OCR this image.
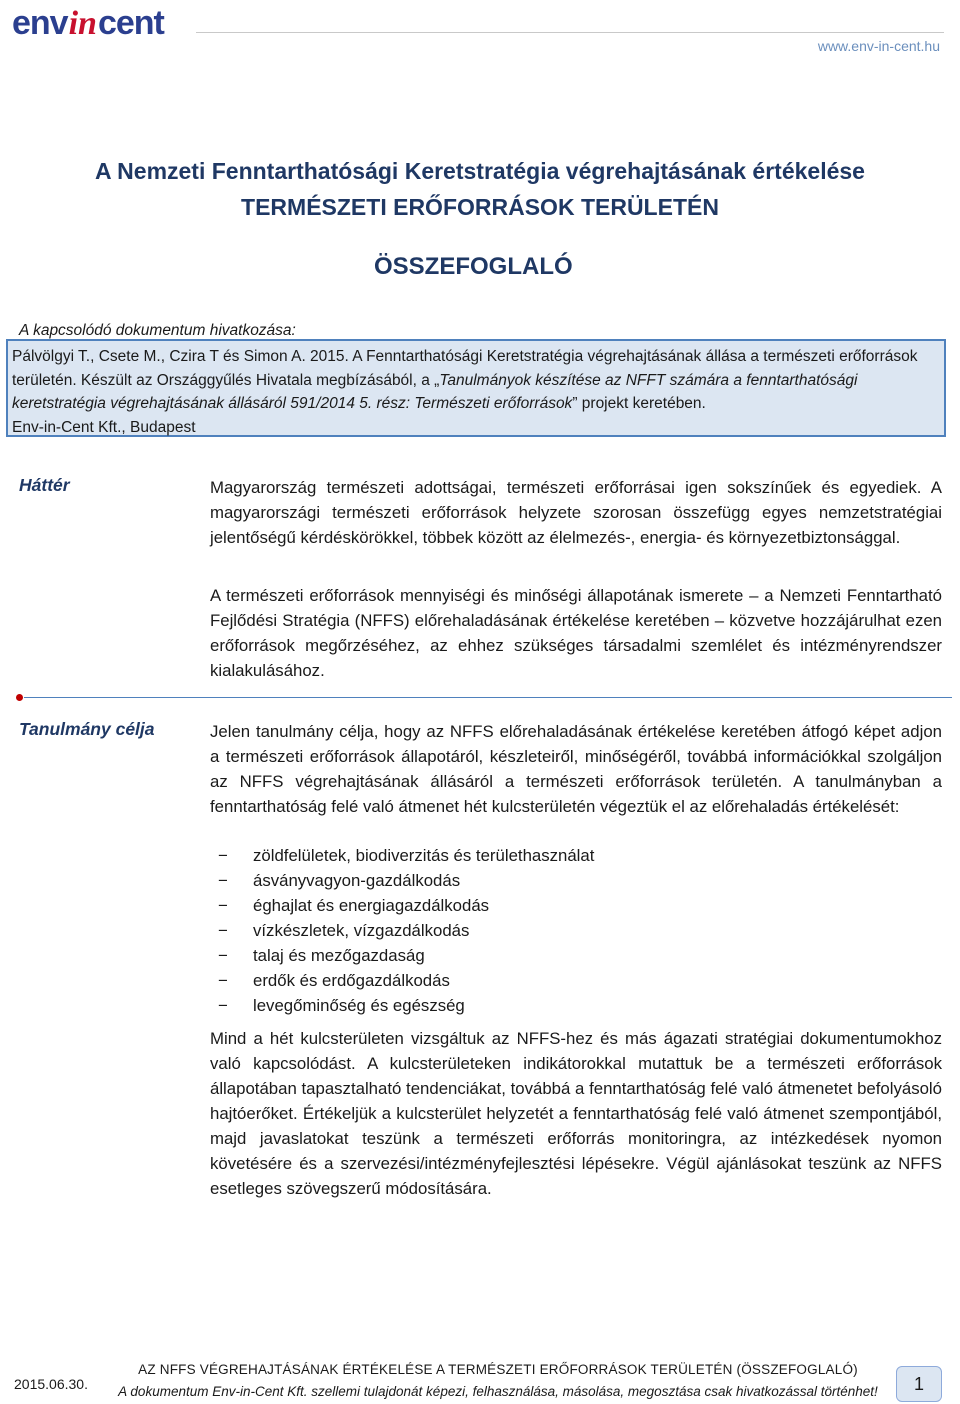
env in cent
www.env-in-cent.hu
A Nemzeti Fenntarthatósági Keretstratégia végrehajtásának értékelése
TERMÉSZETI ERŐFORRÁSOK TERÜLETÉN
ÖSSZEFOGLALÓ
A kapcsolódó dokumentum hivatkozása:
Pálvölgyi T., Csete M., Czira T és Simon A. 2015. A Fenntarthatósági Keretstratégia végrehajtásának állása a természeti erőforrások területén. Készült az Országgyűlés Hivatala megbízásából, a „Tanulmányok készítése az NFFT számára a fenntarthatósági keretstratégia végrehajtásának állásáról 591/2014 5. rész: Természeti erőforrások” projekt keretében.
Env-in-Cent Kft., Budapest
Háttér	Magyarország természeti adottságai, természeti erőforrásai igen sokszínűek és egyediek. A magyarországi természeti erőforrások helyzete szorosan összefügg egyes nemzetstratégiai jelentőségű kérdéskörökkel, többek között az élelmezés-, energia- és környezetbiztonsággal.
A természeti erőforrások mennyiségi és minőségi állapotának ismerete – a Nemzeti Fenntartható Fejlődési Stratégia (NFFS) előrehaladásának értékelése keretében – közvetve hozzájárulhat ezen erőforrások megőrzéséhez, az ehhez szükséges társadalmi szemlélet és intézményrendszer kialakulásához.
Tanulmány célja	Jelen tanulmány célja, hogy az NFFS előrehaladásának értékelése keretében átfogó képet adjon a természeti erőforrások állapotáról, készleteiről, minőségéről, továbbá információkkal szolgáljon az NFFS végrehajtásának állásáról a természeti erőforrások területén. A tanulmányban a fenntarthatóság felé való átmenet hét kulcsterületén végeztük el az előrehaladás értékelését:
− zöldfelületek, biodiverzitás és területhasználat
− ásványvagyon-gazdálkodás
− éghajlat és energiagazdálkodás
− vízkészletek, vízgazdálkodás
− talaj és mezőgazdaság
− erdők és erdőgazdálkodás
− levegőminőség és egészség
Mind a hét kulcsterületen vizsgáltuk az NFFS-hez és más ágazati stratégiai dokumentumokhoz való kapcsolódást. A kulcsterületeken indikátorokkal mutattuk be a természeti erőforrások állapotában tapasztalható tendenciákat, továbbá a fenntarthatóság felé való átmenetet befolyásoló hajtóerőket. Értékeljük a kulcsterület helyzetét a fenntarthatóság felé való átmenet szempontjából, majd javaslatokat teszünk a természeti erőforrás monitoringra, az intézkedések nyomon követésére és a szervezési/intézményfejlesztési lépésekre. Végül ajánlásokat teszünk az NFFS esetleges szövegszerű módosítására.
2015.06.30.
AZ NFFS VÉGREHAJTÁSÁNAK ÉRTÉKELÉSE A TERMÉSZETI ERŐFORRÁSOK TERÜLETÉN (ÖSSZEFOGLALÓ)
A dokumentum Env-in-Cent Kft. szellemi tulajdonát képezi, felhasználása, másolása, megosztása csak hivatkozással történhet!	1
